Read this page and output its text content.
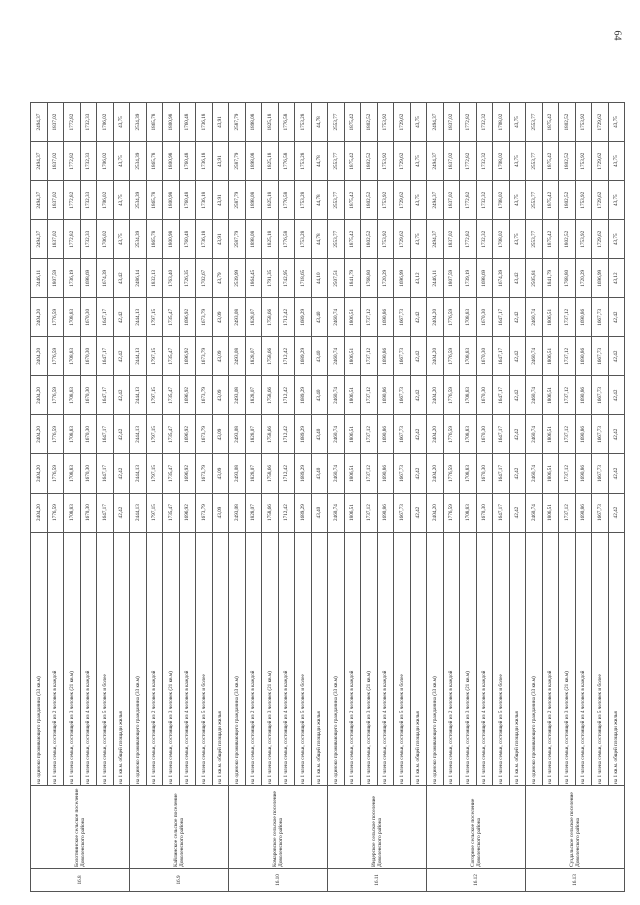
64
16.8	Болотнинское сельское поселение Доволенского района	на одиноко проживающего гражданина (33 кв.м)	2404,20	2404,20	2404,20	2404,20	2404,20	2404,20	2446,11	2494,37	2494,37	2494,37	2494,37
		на 1 члена семьи, состоящей из 2 человек в каждой	1776,59	1776,59	1776,59	1776,59	1776,59	1776,59	1807,59	1837,02	1837,02	1837,02	1837,02
		на 1 члена семьи, состоящей из 3 человек (21 кв.м)	1708,83	1708,83	1708,83	1708,83	1708,83	1708,83	1736,19	1772,82	1772,82	1772,82	1772,82
		на 1 члена семьи, состоящей из 4 человек в каждой	1670,30	1670,30	1670,30	1670,30	1670,30	1670,30	1698,69	1732,33	1732,33	1732,33	1732,33
		на 1 члена семьи, состоящей из 5 человек и более	1647,17	1647,17	1647,17	1647,17	1647,17	1647,17	1674,39	1706,02	1706,02	1706,02	1706,02
		на 1 кв.м. общей площади жилья	42,42	42,42	42,42	42,42	42,42	42,42	43,42	43,75	43,75	43,75	43,75
16.9	Кайлинское сельское поселение Доволенского района	на одиноко проживающего гражданина (33 кв.м)	2444,13	2444,13	2444,13	2444,13	2444,13	2444,13	2486,14	2534,39	2534,39	2534,39	2534,39
		на 1 члена семьи, состоящей из 2 человек в каждой	1797,15	1797,15	1797,15	1797,15	1797,15	1797,15	1832,13	1865,78	1865,78	1865,78	1865,78
		на 1 члена семьи, состоящей из 3 человек (21 кв.м)	1735,47	1735,47	1735,47	1735,47	1735,47	1735,47	1763,40	1800,98	1800,98	1800,98	1800,98
		на 1 члена семьи, состоящей из 4 человек в каждой	1696,92	1696,92	1696,92	1696,92	1696,92	1696,92	1726,35	1760,48	1760,48	1760,48	1760,48
		на 1 члена семьи, состоящей из 5 человек и более	1673,79	1673,79	1673,79	1673,79	1673,79	1673,79	1702,67	1736,18	1736,18	1736,18	1736,18
		на 1 кв.м. общей площади жилья	43,09	43,09	43,09	43,09	43,09	43,09	43,79	43,91	43,91	43,91	43,91
16.10	Комаровское сельское поселение Доволенского района	на одиноко проживающего гражданина (33 кв.м)	2493,08	2493,08	2493,08	2493,08	2493,08	2493,08	2539,99	2587,79	2587,79	2587,79	2587,79
		на 1 члена семьи, состоящей из 2 человек в каждой	1828,07	1828,07	1828,07	1828,07	1828,07	1828,07	1864,45	1898,08	1898,08	1898,08	1898,08
		на 1 члена семьи, состоящей из 3 человек (21 кв.м)	1758,66	1758,66	1758,66	1758,66	1758,66	1758,66	1791,35	1825,18	1825,18	1825,18	1825,18
		на 1 члена семьи, состоящей из 4 человек в каждой	1712,42	1712,42	1712,42	1712,42	1712,42	1712,42	1742,95	1776,58	1776,58	1776,58	1776,58
		на 1 члена семьи, состоящей из 5 человек и более	1689,29	1689,29	1689,29	1689,29	1689,29	1689,29	1718,65	1753,28	1753,28	1753,28	1753,28
		на 1 кв.м. общей площади жилья	43,40	43,40	43,40	43,40	43,40	43,40	44,10	44,78	44,78	44,78	44,78
16.11	Индерское сельское поселение Доволенского района	на одиноко проживающего гражданина (33 кв.м)	2460,74	2460,74	2460,74	2460,74	2460,74	2460,74	2507,51	2553,77	2553,77	2553,77	2553,77
		на 1 члена семьи, состоящей из 2 человек в каждой	1806,51	1806,51	1806,51	1806,51	1806,51	1806,51	1841,79	1875,42	1875,42	1875,42	1875,42
		на 1 члена семьи, состоящей из 3 человек (21 кв.м)	1737,12	1737,12	1737,12	1737,12	1737,12	1737,12	1768,80	1802,52	1802,52	1802,52	1802,52
		на 1 члена семьи, состоящей из 4 человек в каждой	1690,86	1690,86	1690,86	1690,86	1690,86	1690,86	1720,29	1753,92	1753,92	1753,92	1753,92
		на 1 члена семьи, состоящей из 5 человек и более	1667,73	1667,73	1667,73	1667,73	1667,73	1667,73	1696,99	1729,62	1729,62	1729,62	1729,62
		на 1 кв.м. общей площади жилья	42,42	42,42	42,42	42,42	42,42	42,42	43,12	43,75	43,75	43,75	43,75
16.12	Согорное сельское поселение Доволенского района	на одиноко проживающего гражданина (33 кв.м)	2404,20	2404,20	2404,20	2404,20	2404,20	2404,20	2446,11	2494,37	2494,37	2494,37	2494,37
		на 1 члена семьи, состоящей из 2 человек в каждой	1776,59	1776,59	1776,59	1776,59	1776,59	1776,59	1807,59	1837,02	1837,02	1837,02	1837,02
		на 1 члена семьи, состоящей из 3 человек (21 кв.м)	1708,83	1708,83	1708,83	1708,83	1708,83	1708,83	1739,19	1772,82	1772,82	1772,82	1772,82
		на 1 члена семьи, состоящей из 4 человек в каждой	1670,30	1670,30	1670,30	1670,30	1670,30	1670,30	1698,69	1732,32	1732,32	1732,32	1732,32
		на 1 члена семьи, состоящей из 5 человек и более	1647,17	1647,17	1647,17	1647,17	1647,17	1647,17	1674,39	1708,02	1708,02	1708,02	1708,02
		на 1 кв.м. общей площади жилья	42,42	42,42	42,42	42,42	42,42	42,42	43,42	43,75	43,75	43,75	43,75
16.13	Суздальское сельское поселение Доволенского района	на одиноко проживающего гражданина (33 кв.м)	2460,74	2460,74	2460,74	2460,74	2460,74	2460,74	2505,81	2553,77	2553,77	2553,77	2553,77
		на 1 члена семьи, состоящей из 2 человек в каждой	1806,51	1806,51	1806,51	1806,51	1806,51	1806,51	1841,79	1875,42	1875,42	1875,42	1875,42
		на 1 члена семьи, состоящей из 3 человек (21 кв.м)	1737,12	1737,12	1737,12	1737,12	1737,12	1737,12	1768,80	1802,52	1802,52	1802,52	1802,52
		на 1 члена семьи, состоящей из 4 человек в каждой	1690,86	1690,86	1690,86	1690,86	1690,86	1690,86	1720,29	1753,92	1753,92	1753,92	1753,92
		на 1 члена семьи, состоящей из 5 человек и более	1667,73	1667,73	1667,73	1667,73	1667,73	1667,73	1696,99	1729,62	1729,62	1729,62	1729,62
		на 1 кв.м. общей площади жилья	42,42	42,42	42,42	42,42	42,42	42,42	43,12	43,75	43,75	43,75	43,75
